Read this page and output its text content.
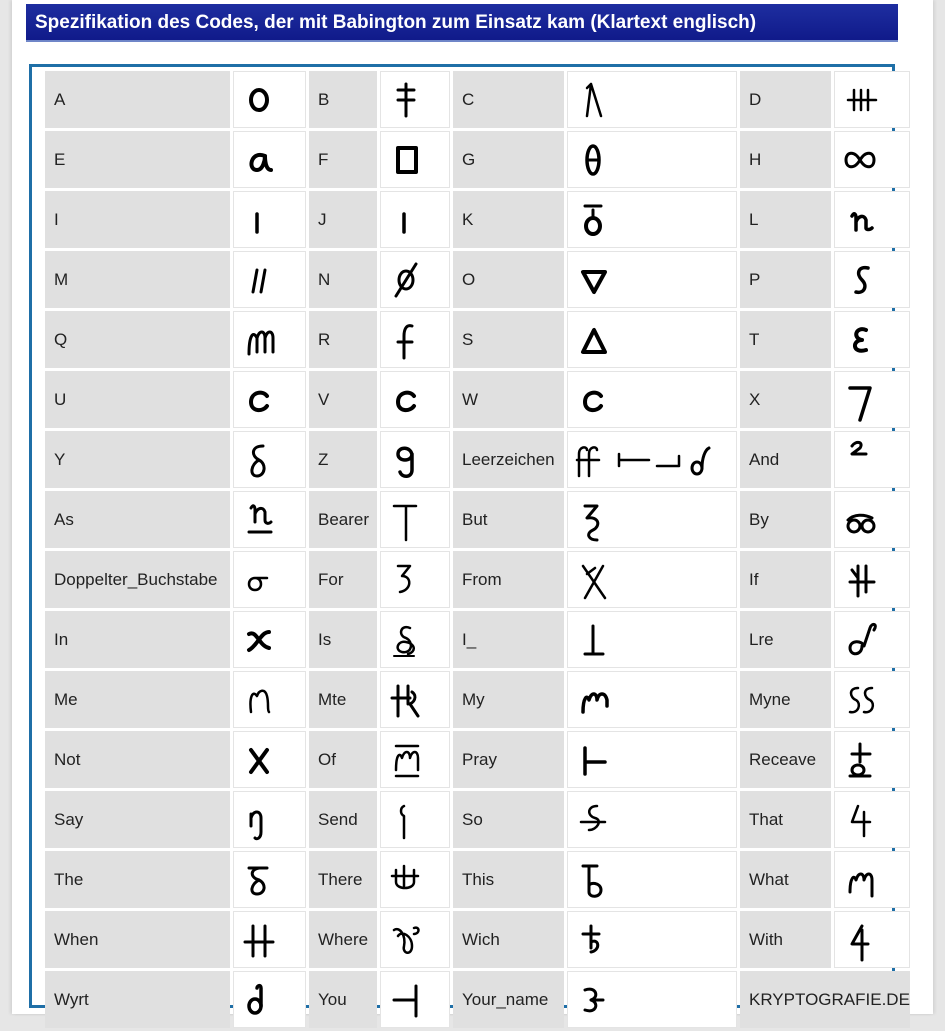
Spezifikation des Codes, der mit Babington zum Einsatz kam (Klartext englisch)
A		B		C		D	

E		F		G		H	

I		J		K		L	

M		N		O		P	

Q		R		S		T	

U		V		W		X	

Y		Z		Leerzeichen		And	

As		Bearer		But		By	

Doppelter_Buchstabe		For		From		If	

In		Is		I_		Lre	

Me		Mte		My		Myne	

Not		Of		Pray		Receave	

Say		Send		So		That	

The		There		This		What	

When		Where		Wich		With	

Wyrt		You		Your_name		KRYPTOGRAFIE.DE	
